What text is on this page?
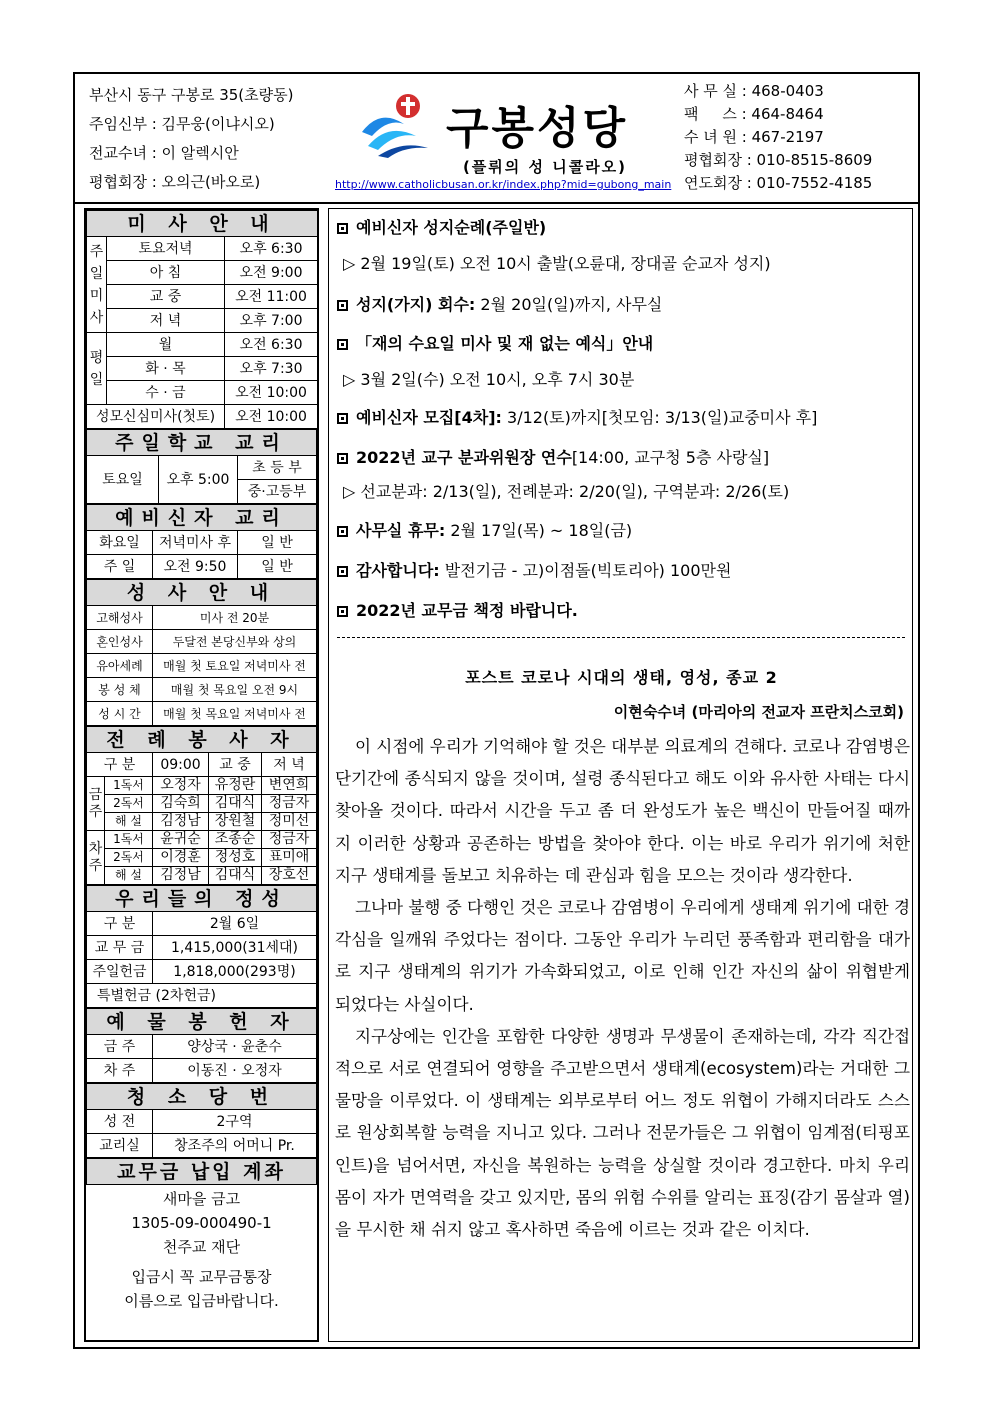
부산시 동구 구봉로 35(초량동)
주임신부 : 김무웅(이냐시오)
전교수녀 : 이 알렉시안
평협회장 : 오의근(바오로)
구봉성당
(플뤼의 성 니콜라오)
http://www.catholicbusan.or.kr/index.php?mid=gubong_main
사 무 실 : 468-0403
팩     스 : 464-8464
수 녀 원 : 467-2197
평협회장 : 010-8515-8609
연도회장 : 010-7552-4185
미 사 안 내		
주일미사	토요저녁	오후 6:30
	아 침	오전 9:00
	교 중	오전 11:00
	저 녁	오후 7:00
평일	월	오전 6:30
	화 · 목	오후 7:30
	수 · 금	오전 10:00
성모신심미사(첫토)		오전 10:00
주일학교 교리
토요일	오후 5:00	초 등 부
중·고등부
예비신자 교리		
화요일	저녁미사 후	일 반
주 일	오전 9:50	일 반
성 사 안 내	
고해성사	미사 전 20분
혼인성사	두달전 본당신부와 상의
유아세례	매월 첫 토요일 저녁미사 전
봉 성 체	매월 첫 목요일 오전 9시
성 시 간	매월 첫 목요일 저녁미사 전
전 례 봉 사 자				
구 분		09:00	교 중	저 녁
금주	1독서	오정자	유정란	변연희
	2독서	김숙희	김대식	정금자
	해 설	김정남	장원철	정미선
차주	1독서	윤귀순	조종순	정금자
	2독서	이경훈	정성호	표미애
	해 설	김정남	김대식	장호선
우리들의 정성	
구 분	2월 6일
교 무 금	1,415,000(31세대)
주일헌금	1,818,000(293명)
특별헌금 (2차헌금)	
예 물 봉 헌 자	
금 주	양상국 · 윤춘수
차 주	이동진 · 오정자
청 소 당 번	
성 전	2구역
교리실	창조주의 어머니 Pr.
교무금 납입 계좌
새마을 금고
1305-09-000490-1
천주교 재단
입금시 꼭 교무금통장
이름으로 입금바랍니다.
예비신자 성지순례(주일반)
▷ 2월 19일(토) 오전 10시 출발(오륜대, 장대골 순교자 성지)
성지(가지) 회수: 2월 20일(일)까지, 사무실
「재의 수요일 미사 및 재 없는 예식」안내
▷ 3월 2일(수) 오전 10시, 오후 7시 30분
예비신자 모집[4차]: 3/12(토)까지[첫모임: 3/13(일)교중미사 후]
2022년 교구 분과위원장 연수[14:00, 교구청 5층 사랑실]
▷ 선교분과: 2/13(일), 전례분과: 2/20(일), 구역분과: 2/26(토)
사무실 휴무: 2월 17일(목) ~ 18일(금)
감사합니다: 발전기금 - 고)이점돌(빅토리아) 100만원
2022년 교무금 책정 바랍니다.
포스트 코로나 시대의 생태, 영성, 종교 2
이현숙수녀 (마리아의 전교자 프란치스코회)

이 시점에 우리가 기억해야 할 것은 대부분 의료계의 견해다. 코로나 감염병은 단기간에 종식되지 않을 것이며, 설령 종식된다고 해도 이와 유사한 사태는 다시 찾아올 것이다. 따라서 시간을 두고 좀 더 완성도가 높은 백신이 만들어질 때까지 이러한 상황과 공존하는 방법을 찾아야 한다. 이는 바로 우리가 위기에 처한 지구 생태계를 돌보고 치유하는 데 관심과 힘을 모으는 것이라 생각한다.

그나마 불행 중 다행인 것은 코로나 감염병이 우리에게 생태계 위기에 대한 경각심을 일깨워 주었다는 점이다. 그동안 우리가 누리던 풍족함과 편리함을 대가로 지구 생태계의 위기가 가속화되었고, 이로 인해 인간 자신의 삶이 위협받게 되었다는 사실이다.

지구상에는 인간을 포함한 다양한 생명과 무생물이 존재하는데, 각각 직간접적으로 서로 연결되어 영향을 주고받으면서 생태계(ecosystem)라는 거대한 그물망을 이루었다. 이 생태계는 외부로부터 어느 정도 위협이 가해지더라도 스스로 원상회복할 능력을 지니고 있다. 그러나 전문가들은 그 위협이 임계점(티핑포인트)을 넘어서면, 자신을 복원하는 능력을 상실할 것이라 경고한다. 마치 우리 몸이 자가 면역력을 갖고 있지만, 몸의 위험 수위를 알리는 표징(감기 몸살과 열)을 무시한 채 쉬지 않고 혹사하면 죽음에 이르는 것과 같은 이치다.
